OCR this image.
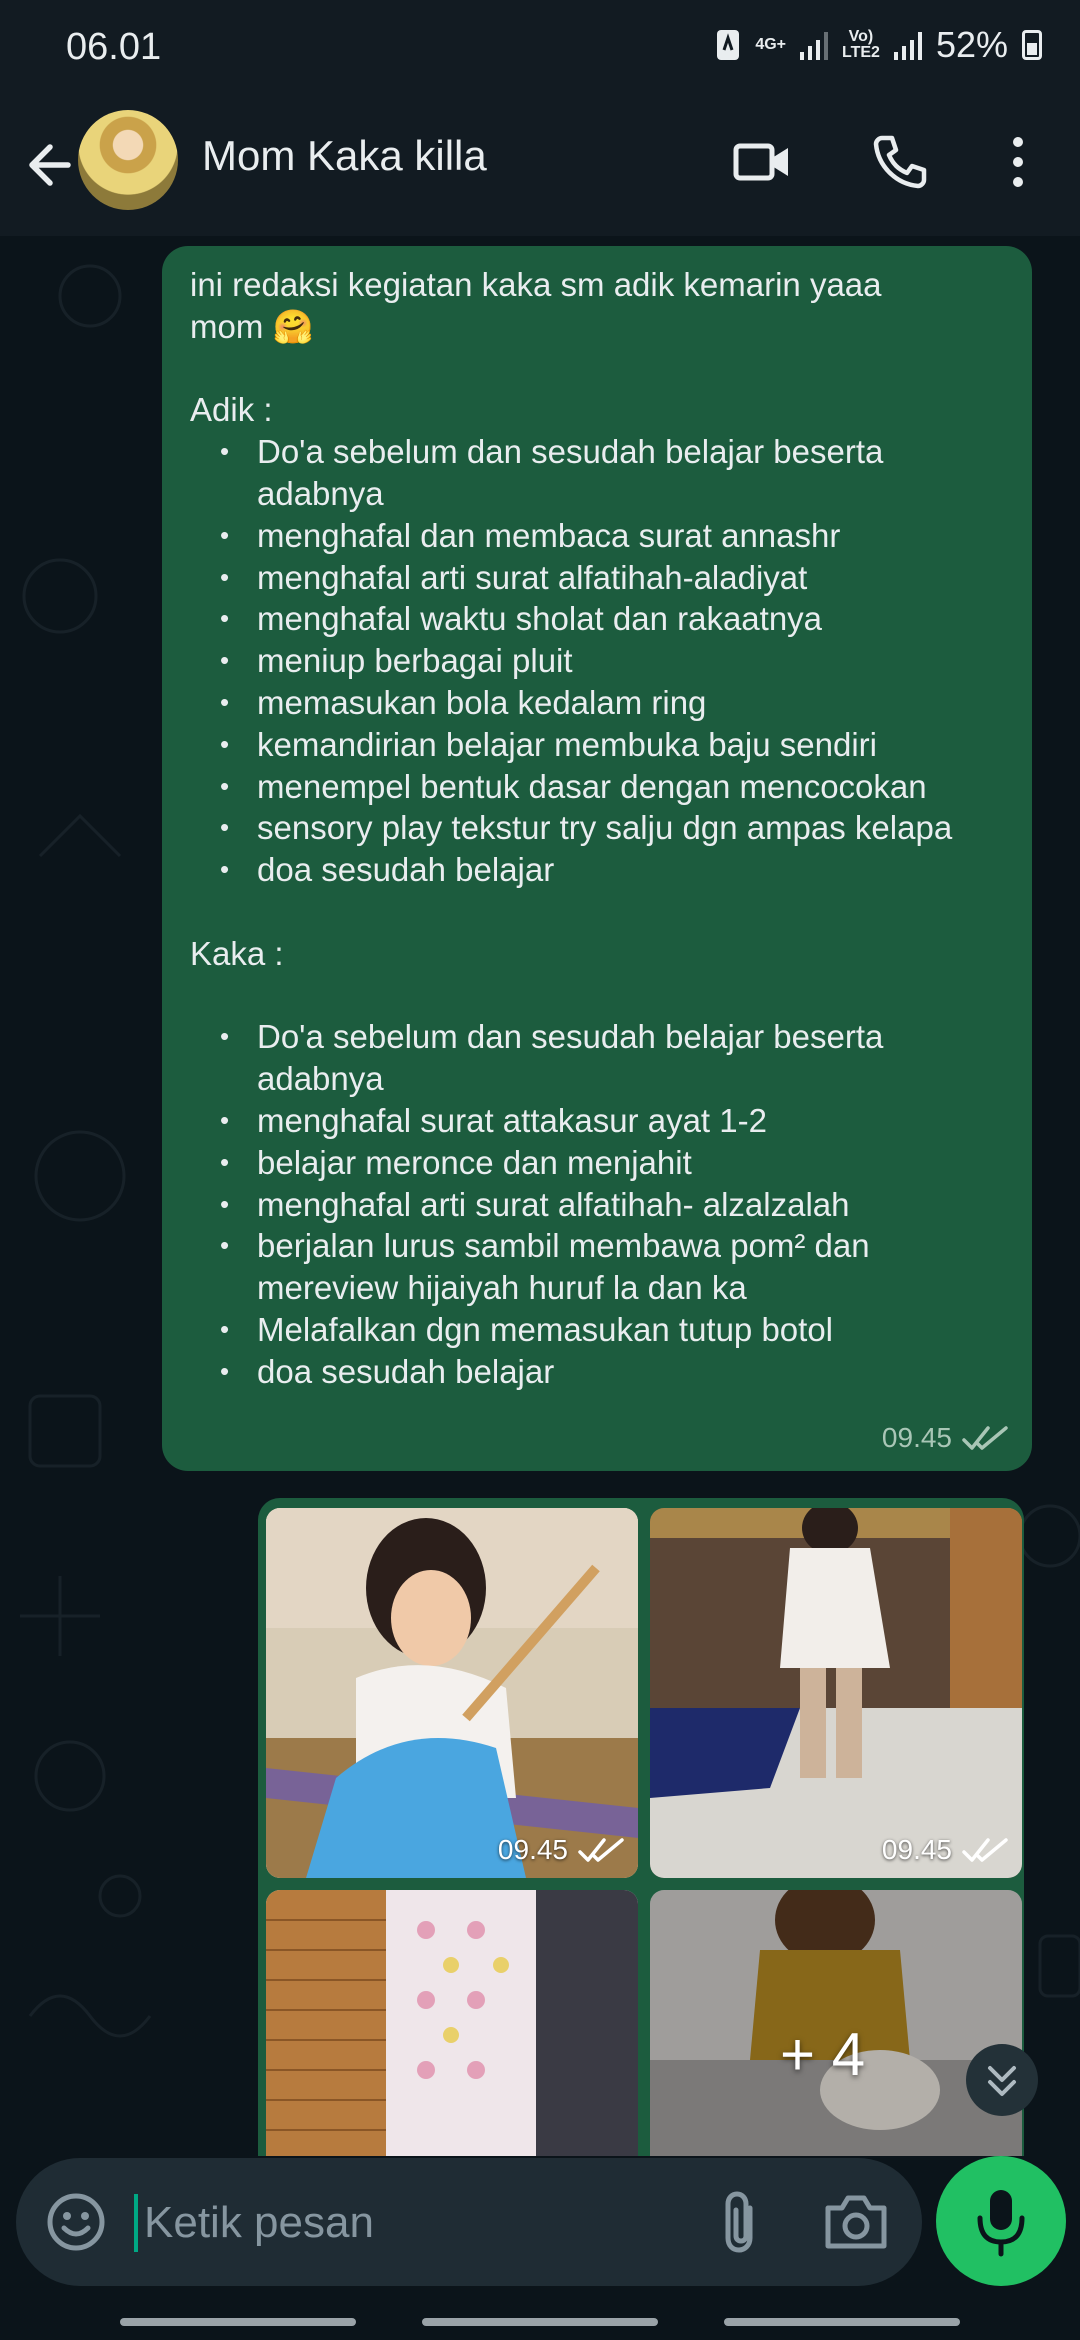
06.01	4G+	Vo)
LTE2 52%
Mom Kaka killa

ini redaksi kegiatan kaka sm adik kemarin yaaa

mom 🤗

Adik :

• Do'a sebelum dan sesudah belajar beserta adabnya
• menghafal dan membaca surat annashr
• menghafal arti surat alfatihah-aladiyat
• menghafal waktu sholat dan rakaatnya
• meniup berbagai pluit
• memasukan bola kedalam ring
• kemandirian belajar membuka baju sendiri
• menempel bentuk dasar dengan mencocokan
• sensory play tekstur try salju dgn ampas kelapa
• doa sesudah belajar

Kaka :

• Do'a sebelum dan sesudah belajar beserta adabnya
• menghafal surat attakasur ayat 1-2
• belajar meronce dan menjahit
• menghafal arti surat alfatihah- alzalzalah
• berjalan lurus sambil membawa pom² dan mereview hijaiyah huruf la dan ka
• Melafalkan dgn memasukan tutup botol
• doa sesudah belajar
09.45
09.45	09.45
+ 4
Ketik pesan
